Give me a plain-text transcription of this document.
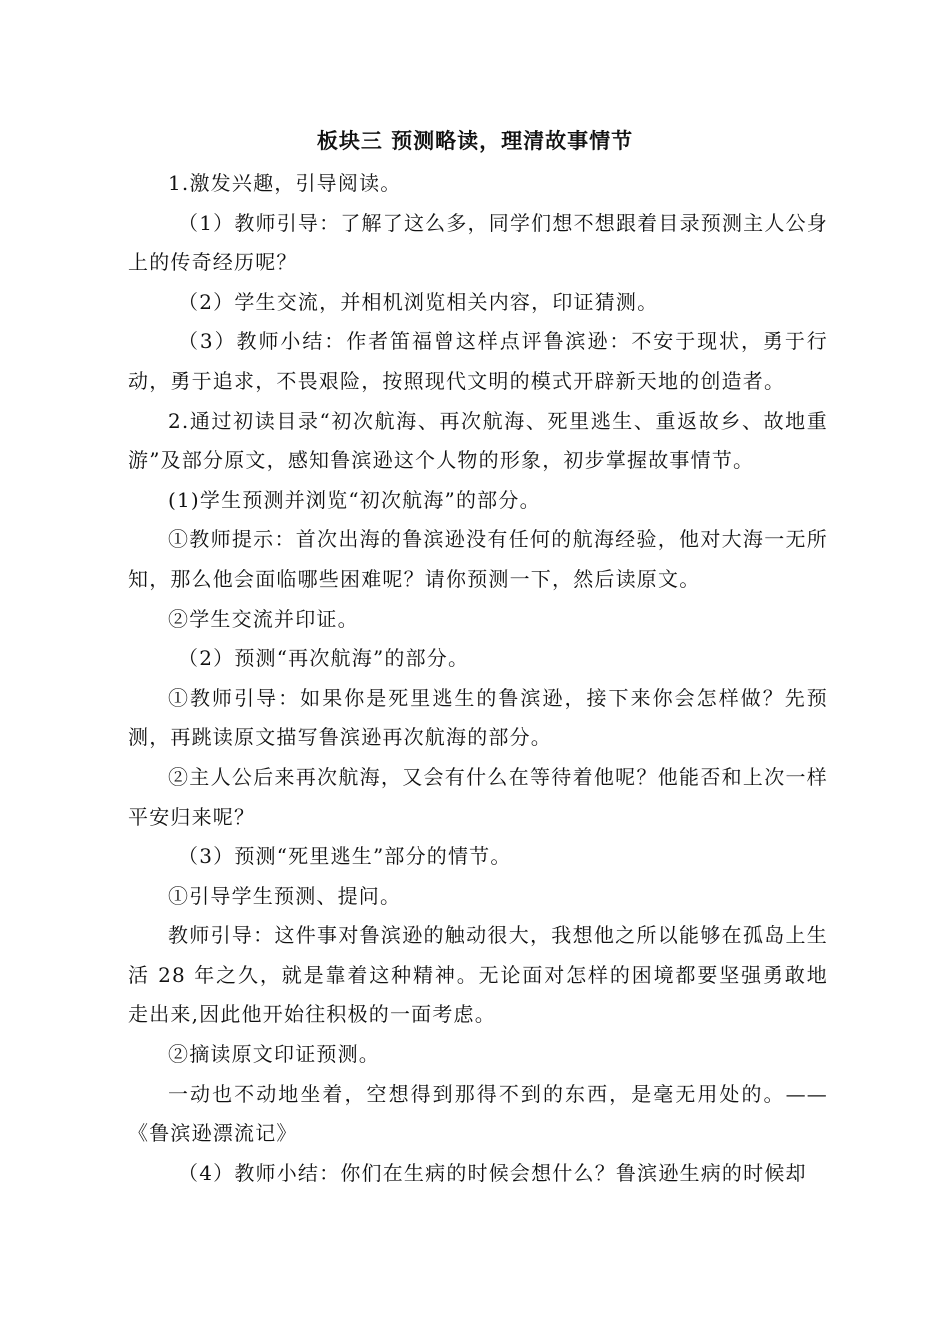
板块三 预测略读，理清故事情节

1.激发兴趣，引导阅读。

（1）教师引导：了解了这么多，同学们想不想跟着目录预测主人公身上的传奇经历呢？

（2）学生交流，并相机浏览相关内容，印证猜测。

（3）教师小结：作者笛福曾这样点评鲁滨逊：不安于现状，勇于行动，勇于追求，不畏艰险，按照现代文明的模式开辟新天地的创造者。

2.通过初读目录“初次航海、再次航海、死里逃生、重返故乡、故地重游”及部分原文，感知鲁滨逊这个人物的形象，初步掌握故事情节。

(1)学生预测并浏览“初次航海”的部分。

①教师提示：首次出海的鲁滨逊没有任何的航海经验，他对大海一无所知，那么他会面临哪些困难呢？请你预测一下，然后读原文。

②学生交流并印证。

（2）预测“再次航海”的部分。

①教师引导：如果你是死里逃生的鲁滨逊，接下来你会怎样做？先预测，再跳读原文描写鲁滨逊再次航海的部分。

②主人公后来再次航海，又会有什么在等待着他呢？他能否和上次一样平安归来呢？

（3）预测“死里逃生”部分的情节。

①引导学生预测、提问。

教师引导：这件事对鲁滨逊的触动很大，我想他之所以能够在孤岛上生活 28 年之久，就是靠着这种精神。无论面对怎样的困境都要坚强勇敢地走出来,因此他开始往积极的一面考虑。

②摘读原文印证预测。

一动也不动地坐着，空想得到那得不到的东西，是毫无用处的。——《鲁滨逊漂流记》

（4）教师小结：你们在生病的时候会想什么？鲁滨逊生病的时候却
